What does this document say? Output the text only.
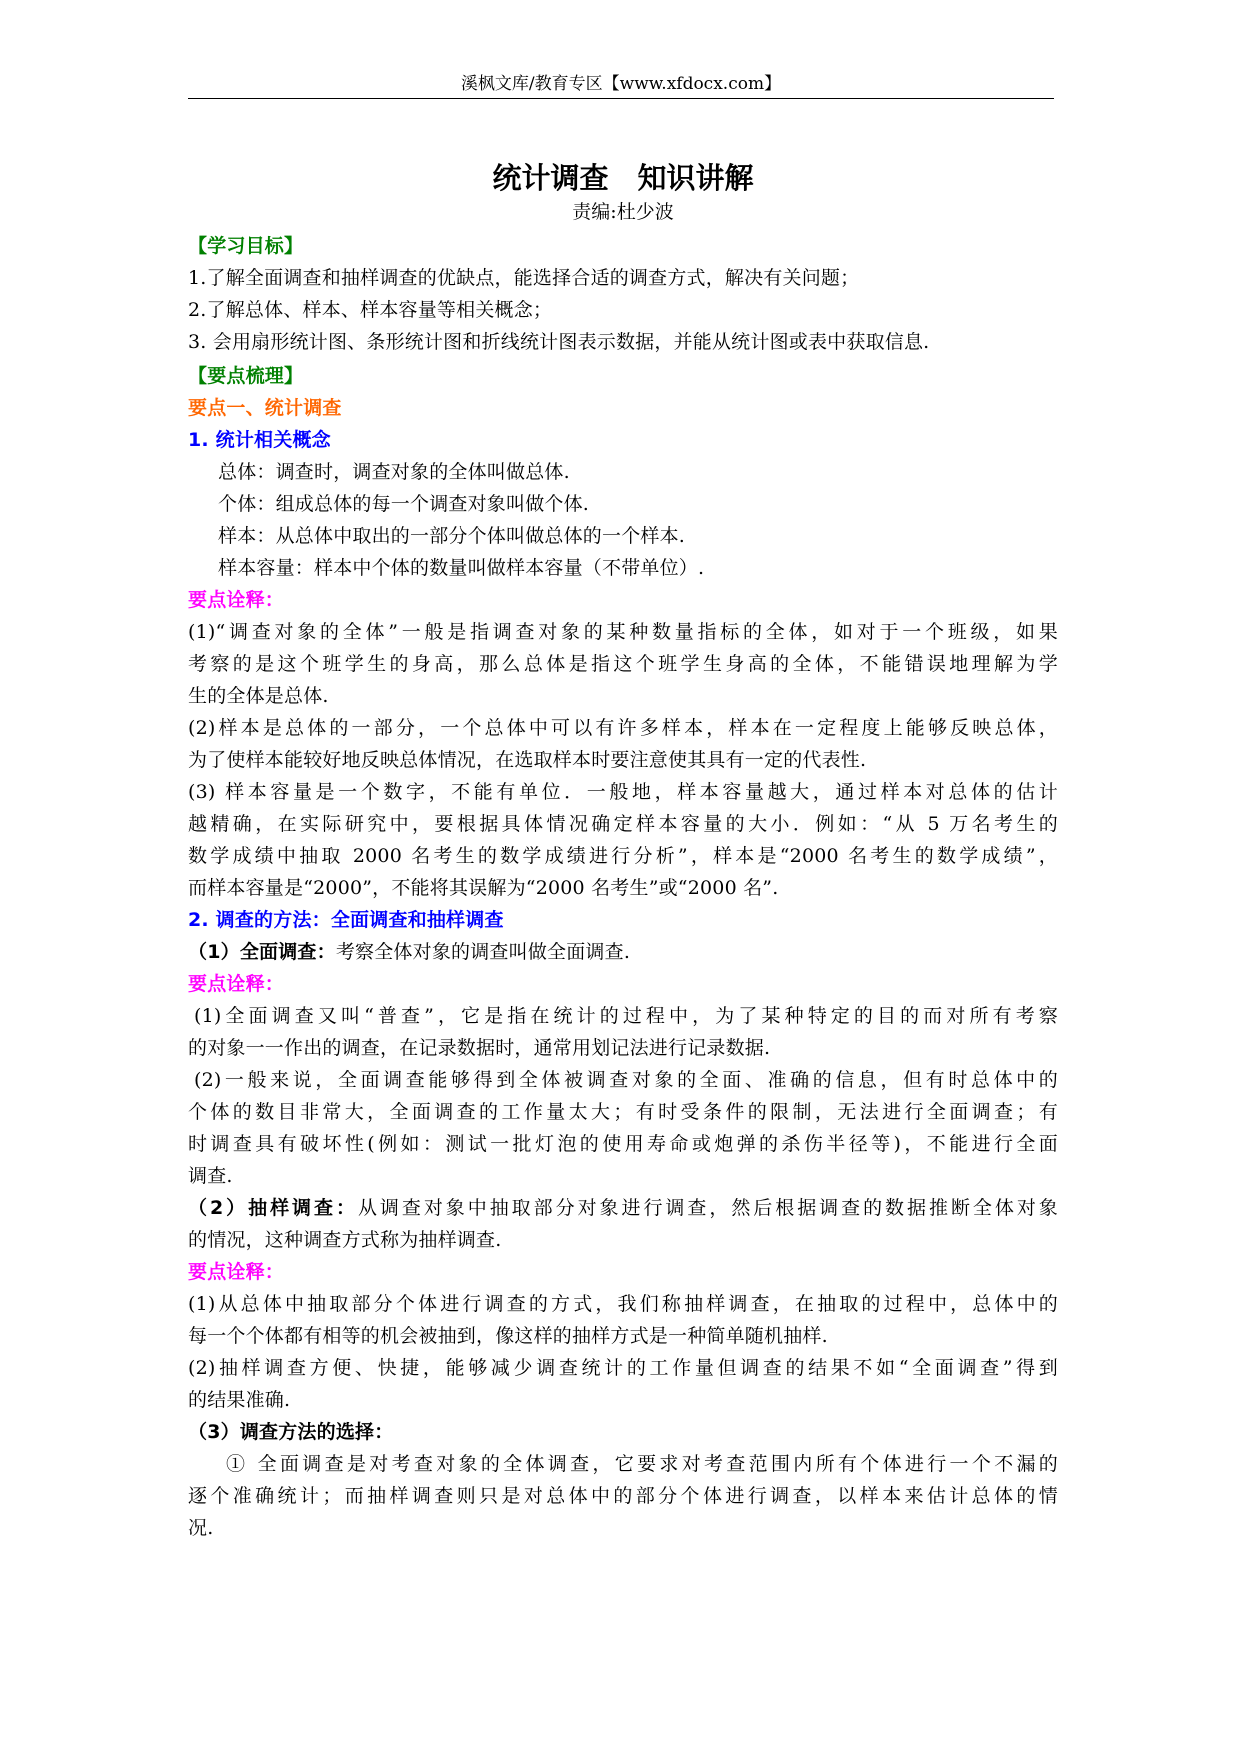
溪枫文库/教育专区【www.xfdocx.com】
统计调查　知识讲解
责编:杜少波
【学习目标】
1.了解全面调查和抽样调查的优缺点，能选择合适的调查方式，解决有关问题；
2.了解总体、样本、样本容量等相关概念；
3. 会用扇形统计图、条形统计图和折线统计图表示数据，并能从统计图或表中获取信息.
【要点梳理】
要点一、统计调查
1. 统计相关概念
总体：调查时，调查对象的全体叫做总体.
个体：组成总体的每一个调查对象叫做个体.
样本：从总体中取出的一部分个体叫做总体的一个样本.
样本容量：样本中个体的数量叫做样本容量（不带单位）.
要点诠释：
(1)“调查对象的全体”一般是指调查对象的某种数量指标的全体，如对于一个班级，如果
考察的是这个班学生的身高，那么总体是指这个班学生身高的全体，不能错误地理解为学
生的全体是总体.
(2)样本是总体的一部分，一个总体中可以有许多样本，样本在一定程度上能够反映总体，
为了使样本能较好地反映总体情况，在选取样本时要注意使其具有一定的代表性.
(3) 样本容量是一个数字，不能有单位．一般地，样本容量越大，通过样本对总体的估计
越精确，在实际研究中，要根据具体情况确定样本容量的大小．例如：“从 5 万名考生的
数学成绩中抽取 2000 名考生的数学成绩进行分析”，样本是“2000 名考生的数学成绩”，
而样本容量是“2000”，不能将其误解为“2000 名考生”或“2000 名”.
2. 调查的方法：全面调查和抽样调查
（1）全面调查：考察全体对象的调查叫做全面调查.
要点诠释：
(1)全面调查又叫“普查”，它是指在统计的过程中，为了某种特定的目的而对所有考察
的对象一一作出的调查，在记录数据时，通常用划记法进行记录数据.
(2)一般来说，全面调查能够得到全体被调查对象的全面、准确的信息，但有时总体中的
个体的数目非常大，全面调查的工作量太大；有时受条件的限制，无法进行全面调查；有
时调查具有破坏性(例如：测试一批灯泡的使用寿命或炮弹的杀伤半径等)，不能进行全面
调查.
（2）抽样调查：从调查对象中抽取部分对象进行调查，然后根据调查的数据推断全体对象
的情况，这种调查方式称为抽样调查.
要点诠释：
(1)从总体中抽取部分个体进行调查的方式，我们称抽样调查，在抽取的过程中，总体中的
每一个个体都有相等的机会被抽到，像这样的抽样方式是一种简单随机抽样.
(2)抽样调查方便、快捷，能够减少调查统计的工作量但调查的结果不如“全面调查”得到
的结果准确.
（3）调查方法的选择：
① 全面调查是对考查对象的全体调查，它要求对考查范围内所有个体进行一个不漏的
逐个准确统计；而抽样调查则只是对总体中的部分个体进行调查，以样本来估计总体的情
况.
